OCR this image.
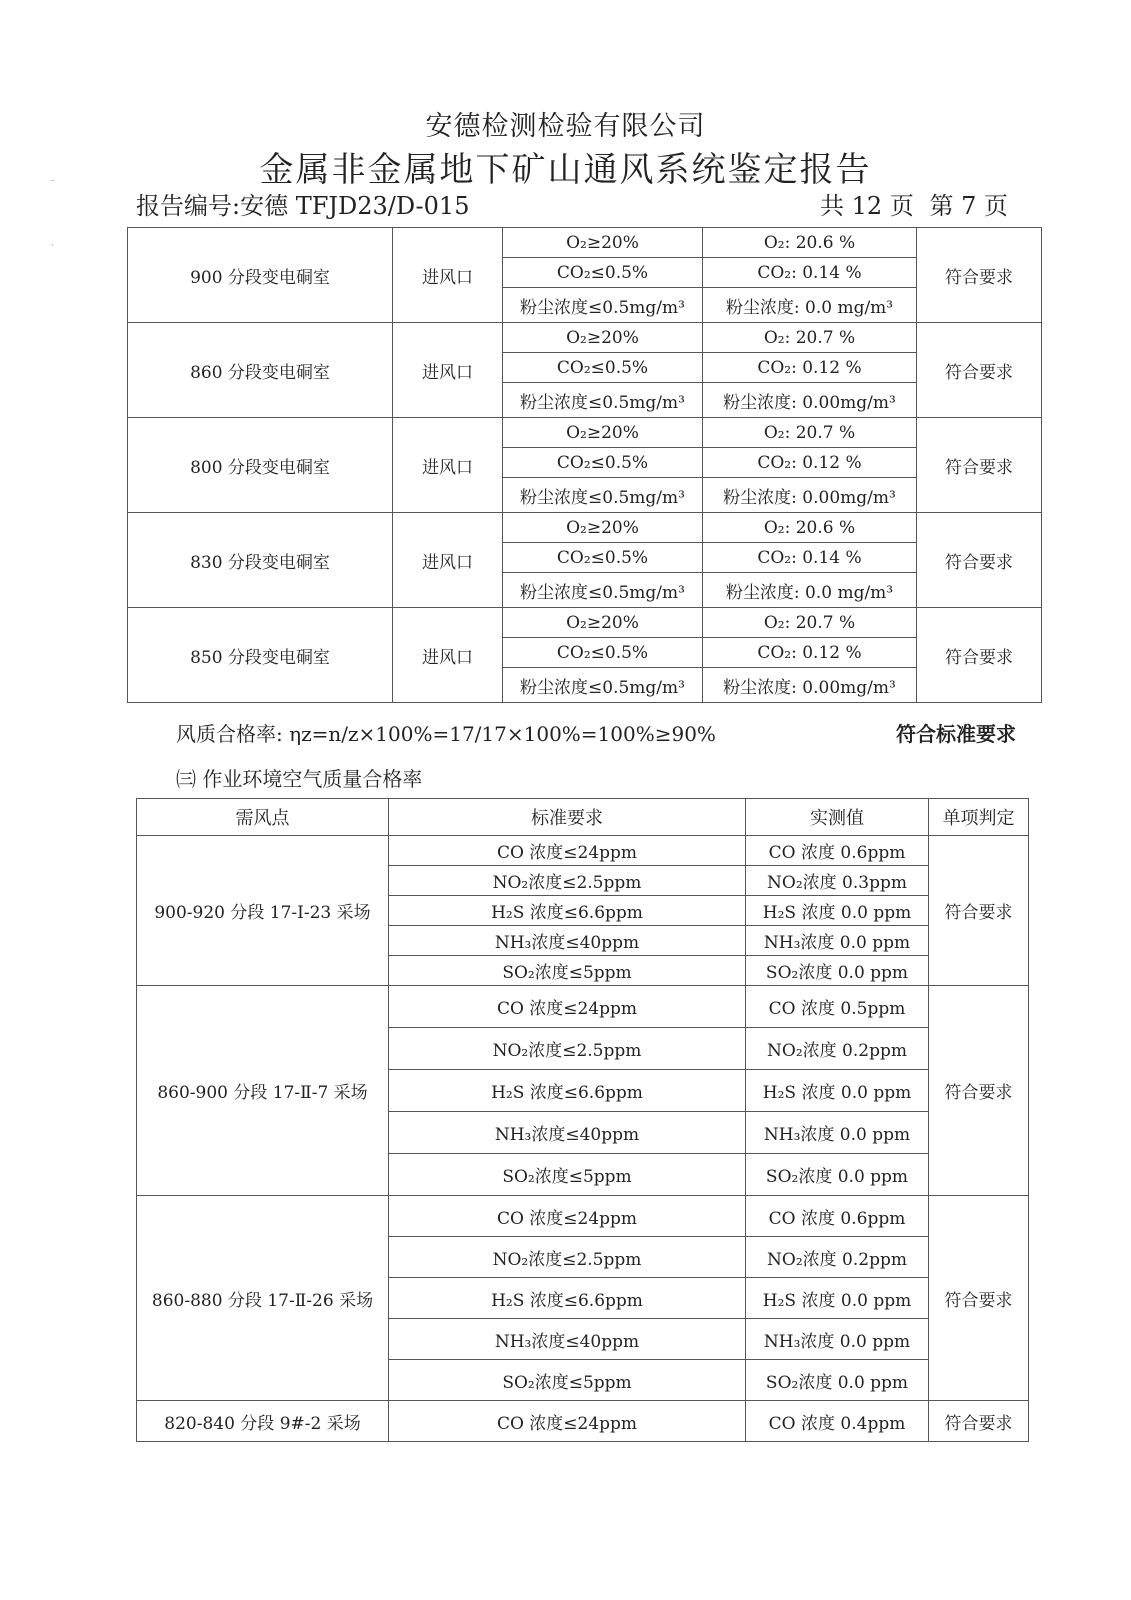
⁻
˙
安德检测检验有限公司
金属非金属地下矿山通风系统鉴定报告
报告编号:安德 TFJD23/D-015	共 12 页 第 7 页
900 分段变电硐室	进风口	O₂≥20%	O₂: 20.6 %	符合要求
		CO₂≤0.5%	CO₂: 0.14 %	
		粉尘浓度≤0.5mg/m³	粉尘浓度: 0.0 mg/m³	
860 分段变电硐室	进风口	O₂≥20%	O₂: 20.7 %	符合要求
		CO₂≤0.5%	CO₂: 0.12 %	
		粉尘浓度≤0.5mg/m³	粉尘浓度: 0.00mg/m³	
800 分段变电硐室	进风口	O₂≥20%	O₂: 20.7 %	符合要求
		CO₂≤0.5%	CO₂: 0.12 %	
		粉尘浓度≤0.5mg/m³	粉尘浓度: 0.00mg/m³	
830 分段变电硐室	进风口	O₂≥20%	O₂: 20.6 %	符合要求
		CO₂≤0.5%	CO₂: 0.14 %	
		粉尘浓度≤0.5mg/m³	粉尘浓度: 0.0 mg/m³	
850 分段变电硐室	进风口	O₂≥20%	O₂: 20.7 %	符合要求
		CO₂≤0.5%	CO₂: 0.12 %	
		粉尘浓度≤0.5mg/m³	粉尘浓度: 0.00mg/m³	
风质合格率: ηz=n/z×100%=17/17×100%=100%≥90%	符合标准要求
㈢ 作业环境空气质量合格率
需风点	标准要求	实测值	单项判定
900-920 分段 17-Ⅰ-23 采场	CO 浓度≤24ppm	CO 浓度 0.6ppm	符合要求
	NO₂浓度≤2.5ppm	NO₂浓度 0.3ppm	
	H₂S 浓度≤6.6ppm	H₂S 浓度 0.0 ppm	
	NH₃浓度≤40ppm	NH₃浓度 0.0 ppm	
	SO₂浓度≤5ppm	SO₂浓度 0.0 ppm	
860-900 分段 17-Ⅱ-7 采场	CO 浓度≤24ppm	CO 浓度 0.5ppm	符合要求
	NO₂浓度≤2.5ppm	NO₂浓度 0.2ppm	
	H₂S 浓度≤6.6ppm	H₂S 浓度 0.0 ppm	
	NH₃浓度≤40ppm	NH₃浓度 0.0 ppm	
	SO₂浓度≤5ppm	SO₂浓度 0.0 ppm	
860-880 分段 17-Ⅱ-26 采场	CO 浓度≤24ppm	CO 浓度 0.6ppm	符合要求
	NO₂浓度≤2.5ppm	NO₂浓度 0.2ppm	
	H₂S 浓度≤6.6ppm	H₂S 浓度 0.0 ppm	
	NH₃浓度≤40ppm	NH₃浓度 0.0 ppm	
	SO₂浓度≤5ppm	SO₂浓度 0.0 ppm	
820-840 分段 9#-2 采场	CO 浓度≤24ppm	CO 浓度 0.4ppm	符合要求
